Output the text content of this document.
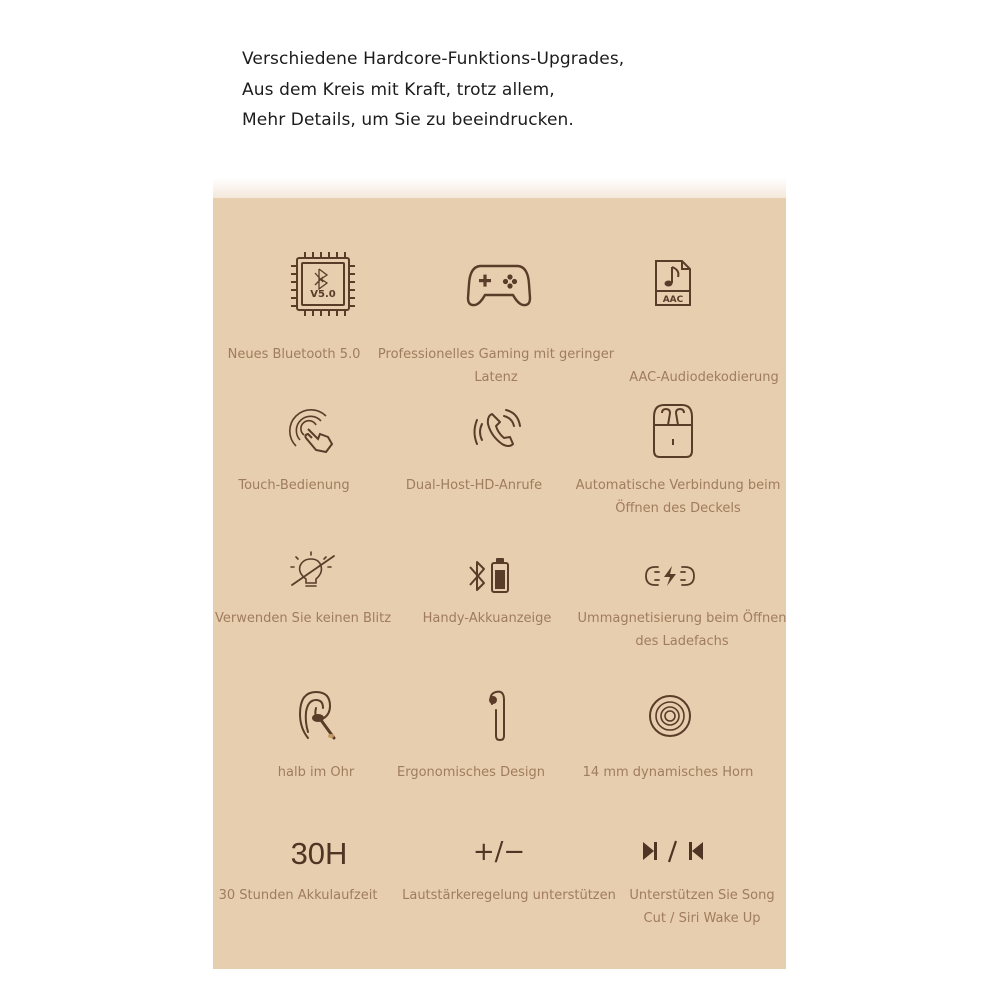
Verschiedene Hardcore-Funktions-Upgrades,
Aus dem Kreis mit Kraft, trotz allem,
Mehr Details, um Sie zu beeindrucken.
V5.0
Neues Bluetooth 5.0	Professionelles Gaming mit geringer
Latenz
AAC
AAC-Audiodekodierung
Touch-Bedienung	Dual-Host-HD-Anrufe	Automatische Verbindung beim
Öffnen des Deckels
Verwenden Sie keinen Blitz	Handy-Akkuanzeige	Ummagnetisierung beim Öffnen
des Ladefachs
halb im Ohr	Ergonomisches Design	14 mm dynamisches Horn
30H
30 Stunden Akkulaufzeit
+/−
Lautstärkeregelung unterstützen	Unterstützen Sie Song
Cut / Siri Wake Up
